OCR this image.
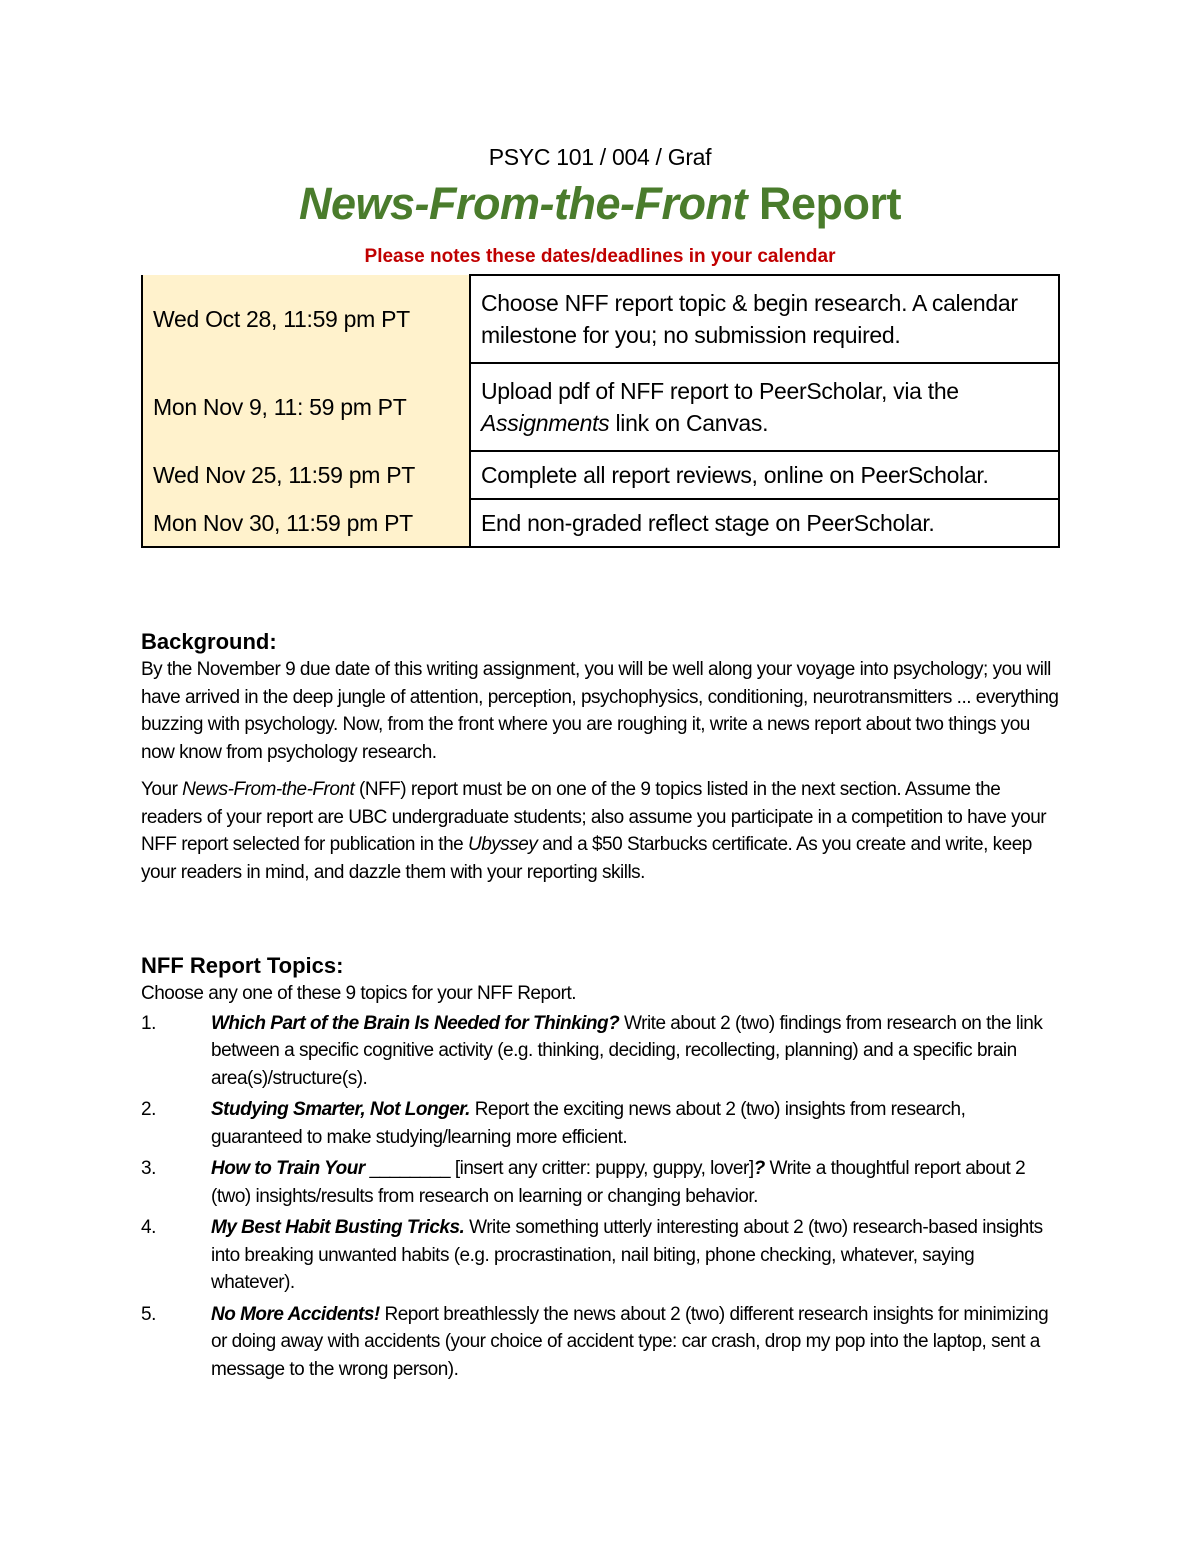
PSYC 101 / 004 / Graf

News-From-the-Front Report

Please notes these dates/deadlines in your calendar

Wed Oct 28, 11:59 pm PT	Choose NFF report topic & begin research. A calendar milestone for you; no submission required.
Mon Nov 9, 11: 59 pm PT	Upload pdf of NFF report to PeerScholar, via the Assignments link on Canvas.
Wed Nov 25, 11:59 pm PT	Complete all report reviews, online on PeerScholar.
Mon Nov 30, 11:59 pm PT	End non-graded reflect stage on PeerScholar.
Background:

By the November 9 due date of this writing assignment, you will be well along your voyage into psychology; you will have arrived in the deep jungle of attention, perception, psychophysics, conditioning, neurotransmitters ... everything buzzing with psychology. Now, from the front where you are roughing it, write a news report about two things you now know from psychology research.

Your News-From-the-Front (NFF) report must be on one of the 9 topics listed in the next section. Assume the readers of your report are UBC undergraduate students; also assume you participate in a competition to have your NFF report selected for publication in the Ubyssey and a $50 Starbucks certificate. As you create and write, keep your readers in mind, and dazzle them with your reporting skills.

NFF Report Topics:

Choose any one of these 9 topics for your NFF Report.

1.	Which Part of the Brain Is Needed for Thinking? Write about 2 (two) findings from research on the link between a specific cognitive activity (e.g. thinking, deciding, recollecting, planning) and a specific brain area(s)/structure(s).
2.	Studying Smarter, Not Longer. Report the exciting news about 2 (two) insights from research, guaranteed to make studying/learning more efficient.
3.	How to Train Your ________ [insert any critter: puppy, guppy, lover]? Write a thoughtful report about 2 (two) insights/results from research on learning or changing behavior.
4.	My Best Habit Busting Tricks. Write something utterly interesting about 2 (two) research-based insights into breaking unwanted habits (e.g. procrastination, nail biting, phone checking, whatever, saying whatever).
5.	No More Accidents! Report breathlessly the news about 2 (two) different research insights for minimizing or doing away with accidents (your choice of accident type: car crash, drop my pop into the laptop, sent a message to the wrong person).
